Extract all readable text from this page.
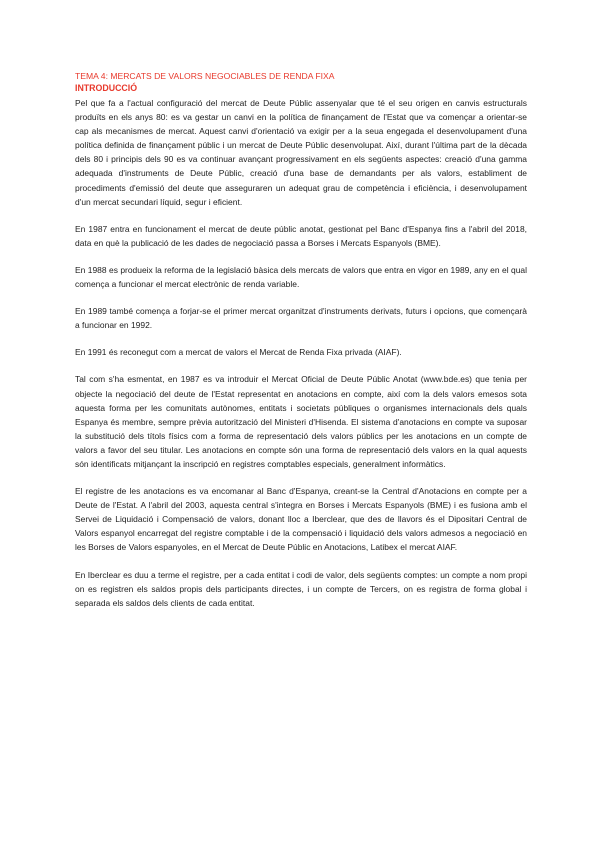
TEMA 4: MERCATS DE VALORS NEGOCIABLES DE RENDA FIXA
INTRODUCCIÓ

Pel que fa a l'actual configuració del mercat de Deute Públic assenyalar que té el seu origen en canvis estructurals produïts en els anys 80: es va gestar un canvi en la política de finançament de l'Estat que va començar a orientar-se cap als mecanismes de mercat. Aquest canvi d'orientació va exigir per a la seua engegada el desenvolupament d'una política definida de finançament públic i un mercat de Deute Públic desenvolupat. Així, durant l'última part de la dècada dels 80 i principis dels 90 es va continuar avançant progressivament en els següents aspectes: creació d'una gamma adequada d'instruments de Deute Públic, creació d'una base de demandants per als valors, establiment de procediments d'emissió del deute que asseguraren un adequat grau de competència i eficiència, i desenvolupament d'un mercat secundari líquid, segur i eficient.

En 1987 entra en funcionament el mercat de deute públic anotat, gestionat pel Banc d'Espanya fins a l'abril del 2018, data en què la publicació de les dades de negociació passa a Borses i Mercats Espanyols (BME).

En 1988 es produeix la reforma de la legislació bàsica dels mercats de valors que entra en vigor en 1989, any en el qual comença a funcionar el mercat electrònic de renda variable.

En 1989 també comença a forjar-se el primer mercat organitzat d'instruments derivats, futurs i opcions, que començarà a funcionar en 1992.

En 1991 és reconegut com a mercat de valors el Mercat de Renda Fixa privada (AIAF).

Tal com s'ha esmentat, en 1987 es va introduir el Mercat Oficial de Deute Públic Anotat (www.bde.es) que tenia per objecte la negociació del deute de l'Estat representat en anotacions en compte, així com la dels valors emesos sota aquesta forma per les comunitats autònomes, entitats i societats públiques o organismes internacionals dels quals Espanya és membre, sempre prèvia autorització del Ministeri d'Hisenda. El sistema d'anotacions en compte va suposar la substitució dels títols físics com a forma de representació dels valors públics per les anotacions en un compte de valors a favor del seu titular. Les anotacions en compte són una forma de representació dels valors en la qual aquests són identificats mitjançant la inscripció en registres comptables especials, generalment informàtics.

El registre de les anotacions es va encomanar al Banc d'Espanya, creant-se la Central d'Anotacions en compte per a Deute de l'Estat. A l'abril del 2003, aquesta central s'integra en Borses i Mercats Espanyols (BME) i es fusiona amb el Servei de Liquidació i Compensació de valors, donant lloc a Iberclear, que des de llavors és el Dipositari Central de Valors espanyol encarregat del registre comptable i de la compensació i liquidació dels valors admesos a negociació en les Borses de Valors espanyoles, en el Mercat de Deute Públic en Anotacions, Latibex el mercat AIAF.

En Iberclear es duu a terme el registre, per a cada entitat i codi de valor, dels següents comptes: un compte a nom propi on es registren els saldos propis dels participants directes, i un compte de Tercers, on es registra de forma global i separada els saldos dels clients de cada entitat.
